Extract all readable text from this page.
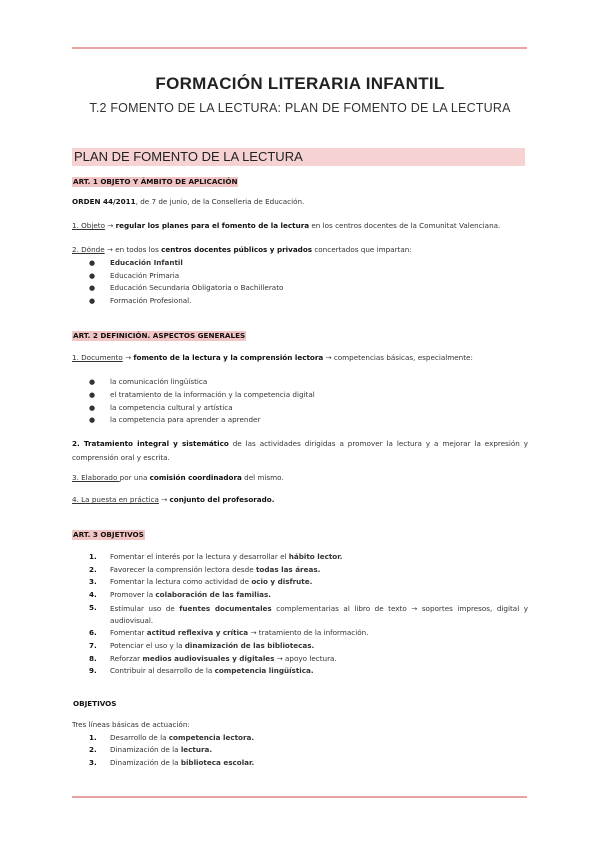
FORMACIÓN LITERARIA INFANTIL
T.2 FOMENTO DE LA LECTURA: PLAN DE FOMENTO DE LA LECTURA
PLAN DE FOMENTO DE LA LECTURA
ART. 1 OBJETO Y ÁMBITO DE APLICACIÓN
ORDEN 44/2011, de 7 de junio, de la Conselleria de Educación.
1. Objeto → regular los planes para el fomento de la lectura en los centros docentes de la Comunitat Valenciana.
2. Dónde → en todos los centros docentes públicos y privados concertados que impartan:
● Educación Infantil
● Educación Primaria
● Educación Secundaria Obligatoria o Bachillerato
● Formación Profesional.
ART. 2 DEFINICIÓN. ASPECTOS GENERALES
1. Documento → fomento de la lectura y la comprensión lectora → competencias básicas, especialmente:
● la comunicación lingüística
● el tratamiento de la información y la competencia digital
● la competencia cultural y artística
● la competencia para aprender a aprender
2. Tratamiento integral y sistemático de las actividades dirigidas a promover la lectura y a mejorar la expresión y comprensión oral y escrita.
3. Elaborado por una comisión coordinadora del mismo.
4. La puesta en práctica → conjunto del profesorado.
ART. 3 OBJETIVOS
1. Fomentar el interés por la lectura y desarrollar el hábito lector.
2. Favorecer la comprensión lectora desde todas las áreas.
3. Fomentar la lectura como actividad de ocio y disfrute.
4. Promover la colaboración de las familias.
5. Estimular uso de fuentes documentales complementarias al libro de texto → soportes impresos, digital y audiovisual.
6. Fomentar actitud reflexiva y crítica → tratamiento de la información.
7. Potenciar el uso y la dinamización de las bibliotecas.
8. Reforzar medios audiovisuales y digitales → apoyo lectura.
9. Contribuir al desarrollo de la competencia lingüística.
OBJETIVOS
Tres líneas básicas de actuación:
1. Desarrollo de la competencia lectora.
2. Dinamización de la lectura.
3. Dinamización de la biblioteca escolar.
